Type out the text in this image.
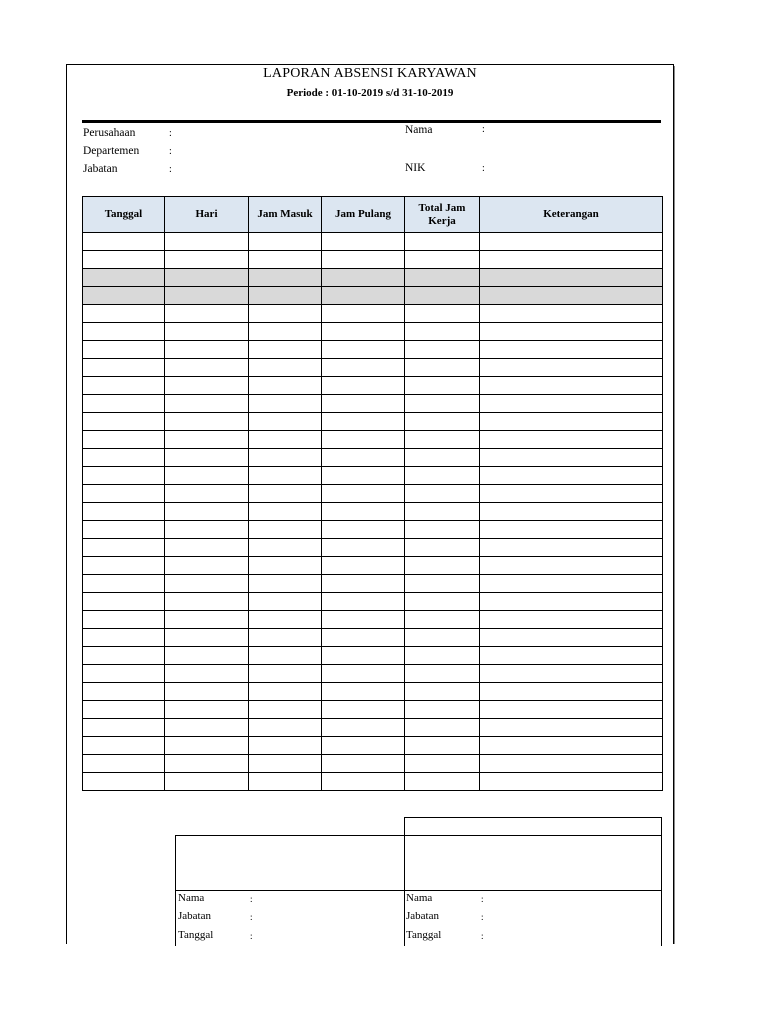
LAPORAN ABSENSI KARYAWAN
Periode : 01-10-2019 s/d 31-10-2019
Perusahaan	:
Departemen	:
Jabatan	:
Nama	:
NIK	:
Tanggal	Hari	Jam Masuk	Jam Pulang	Total Jam Kerja	Keterangan

Nama	:
Jabatan	:
Tanggal	:
Nama	:
Jabatan	:
Tanggal	:
